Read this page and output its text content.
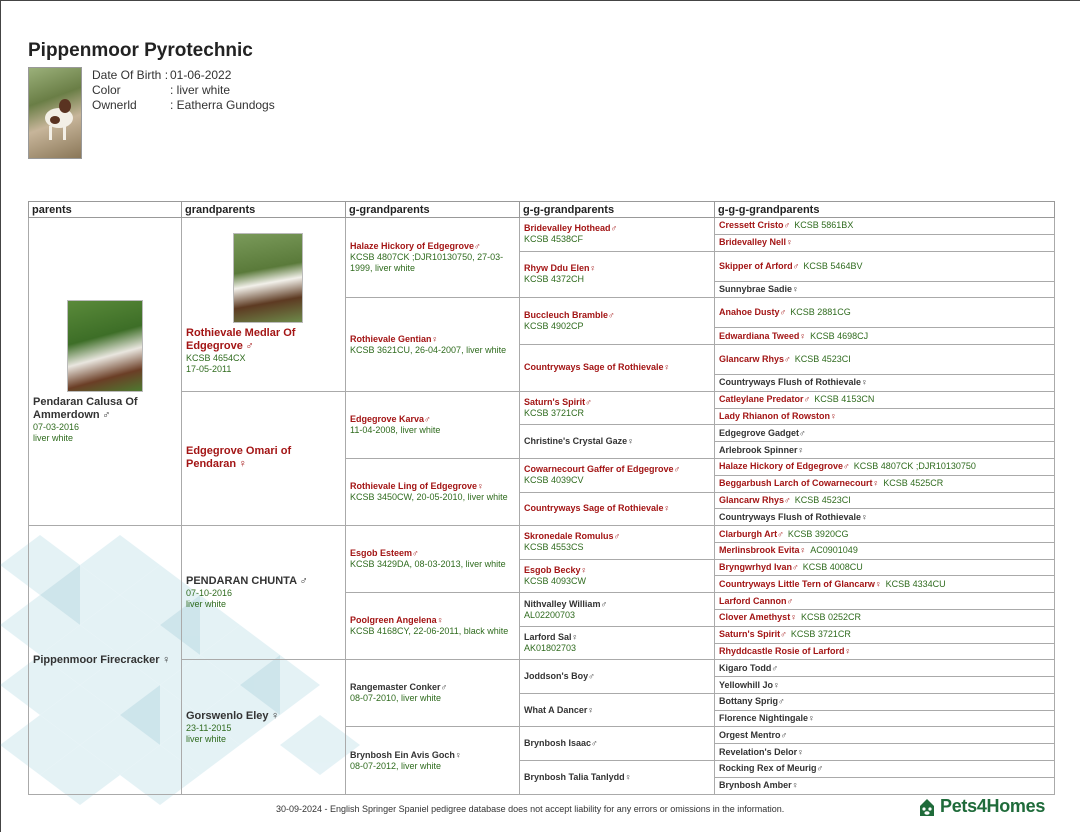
Pippenmoor Pyrotechnic
Date Of Birth : 01-06-2022
Color	: liver white
Ownerld	: Eatherra Gundogs
parents	grandparents	g-grandparents	g-g-grandparents	g-g-g-grandparents

Pendaran Calusa Of Ammerdown ♂
07-03-2016
liver white	Rothievale Medlar Of Edgegrove ♂
KCSB 4654CX
17-05-2011	Halaze Hickory of Edgegrove♂
KCSB 4807CK ;DJR10130750, 27-03-1999, liver white	Bridevalley Hothead♂
KCSB 4538CF	Cressett Cristo♂ KCSB 5861BX
				Bridevalley Nell♀
			Rhyw Ddu Elen♀
KCSB 4372CH	Skipper of Arford♂ KCSB 5464BV
				Sunnybrae Sadie♀
		Rothievale Gentian♀
KCSB 3621CU, 26-04-2007, liver white	Buccleuch Bramble♂
KCSB 4902CP	Anahoe Dusty♂ KCSB 2881CG
				Edwardiana Tweed♀ KCSB 4698CJ
			Countryways Sage of Rothievale♀	Glancarw Rhys♂ KCSB 4523CI
				Countryways Flush of Rothievale♀
	Edgegrove Omari of Pendaran ♀	Edgegrove Karva♂
11-04-2008, liver white	Saturn's Spirit♂
KCSB 3721CR	Catleylane Predator♂ KCSB 4153CN
				Lady Rhianon of Rowston♀
			Christine's Crystal Gaze♀	Edgegrove Gadget♂
				Arlebrook Spinner♀
		Rothievale Ling of Edgegrove♀
KCSB 3450CW, 20-05-2010, liver white	Cowarnecourt Gaffer of Edgegrove♂
KCSB 4039CV	Halaze Hickory of Edgegrove♂ KCSB 4807CK ;DJR10130750
				Beggarbush Larch of Cowarnecourt♀ KCSB 4525CR
			Countryways Sage of Rothievale♀	Glancarw Rhys♂ KCSB 4523CI
				Countryways Flush of Rothievale♀
Pippenmoor Firecracker ♀	PENDARAN CHUNTA ♂
07-10-2016
liver white	Esgob Esteem♂
KCSB 3429DA, 08-03-2013, liver white	Skronedale Romulus♂
KCSB 4553CS	Clarburgh Art♂ KCSB 3920CG
				Merlinsbrook Evita♀ AC0901049
			Esgob Becky♀
KCSB 4093CW	Bryngwrhyd Ivan♂ KCSB 4008CU
				Countryways Little Tern of Glancarw♀ KCSB 4334CU
		Poolgreen Angelena♀
KCSB 4168CY, 22-06-2011, black white	Nithvalley William♂
AL02200703	Larford Cannon♂
				Clover Amethyst♀ KCSB 0252CR
			Larford Sal♀
AK01802703	Saturn's Spirit♂ KCSB 3721CR
				Rhyddcastle Rosie of Larford♀
	Gorswenlo Eley ♀
23-11-2015
liver white	Rangemaster Conker♂
08-07-2010, liver white	Joddson's Boy♂	Kigaro Todd♂
				Yellowhill Jo♀
			What A Dancer♀	Bottany Sprig♂
				Florence Nightingale♀
		Brynbosh Ein Avis Goch♀
08-07-2012, liver white	Brynbosh Isaac♂	Orgest Mentro♂
				Revelation's Delor♀
			Brynbosh Talia Tanlydd♀	Rocking Rex of Meurig♂
				Brynbosh Amber♀
30-09-2024 - English Springer Spaniel pedigree database does not accept liability for any errors or omissions in the information.	Pets4Homes
